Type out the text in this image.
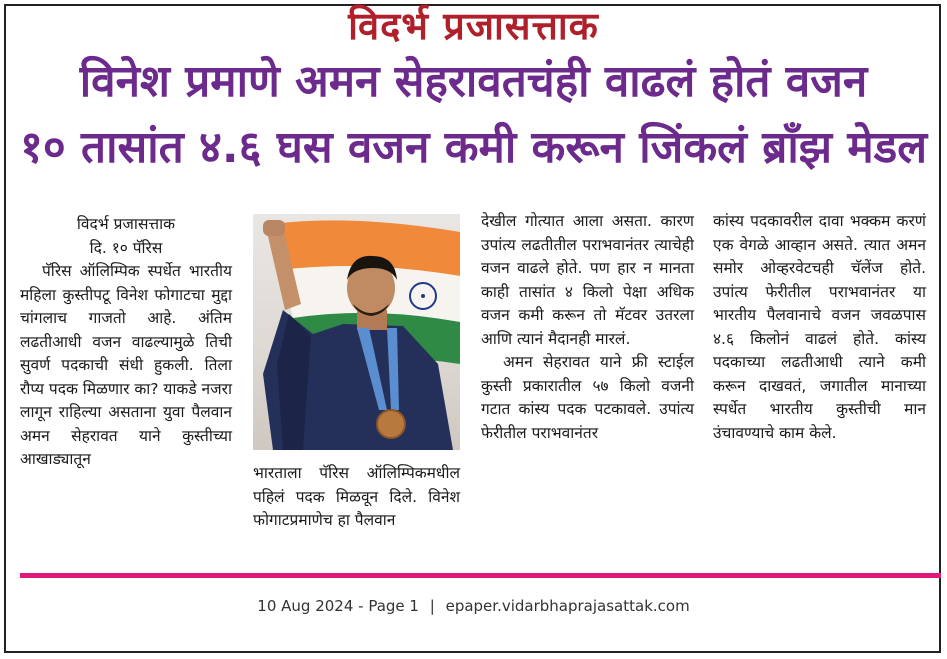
विदर्भ प्रजासत्ताक
विनेश प्रमाणे अमन सेहरावतचंही वाढलं होतं वजन
१० तासांत ४.६ घस वजन कमी करून जिंकलं ब्रॉंझ मेडल

विदर्भ प्रजासत्ताक

दि. १० पॅरिस

पॅरिस ऑलिम्पिक स्पर्धेत भारतीय महिला कुस्तीपटू विनेश फोगाटचा मुद्दा चांगलाच गाजतो आहे. अंतिम लढतीआधी वजन वाढल्यामुळे तिची सुवर्ण पदकाची संधी हुकली. तिला रौप्य पदक मिळणार का? याकडे नजरा लागून राहिल्या असताना युवा पैलवान अमन सेहरावत याने कुस्तीच्या आखाड्यातून

भारताला पॅरिस ऑलिम्पिकमधील पहिलं पदक मिळवून दिले. विनेश फोगाटप्रमाणेच हा पैलवान

देखील गोत्यात आला असता. कारण उपांत्य लढतीतील पराभवानंतर त्याचेही वजन वाढले होते. पण हार न मानता काही तासांत ४ किलो पेक्षा अधिक वजन कमी करून तो मॅटवर उतरला आणि त्यानं मैदानही मारलं.

अमन सेहरावत याने फ्री स्टाईल कुस्ती प्रकारातील ५७ किलो वजनी गटात कांस्य पदक पटकावले. उपांत्य फेरीतील पराभवानंतर

कांस्य पदकावरील दावा भक्कम करणं एक वेगळे आव्हान असते. त्यात अमन समोर ओव्हरवेटचही चॅलेंज होते. उपांत्य फेरीतील पराभवानंतर या भारतीय पैलवानाचे वजन जवळपास ४.६ किलोनं वाढलं होते. कांस्य पदकाच्या लढतीआधी त्याने कमी करून दाखवतं, जगातील मानाच्या स्पर्धेत भारतीय कुस्तीची मान उंचावण्याचे काम केले.

10 Aug 2024 - Page 1 | epaper.vidarbhaprajasattak.com
